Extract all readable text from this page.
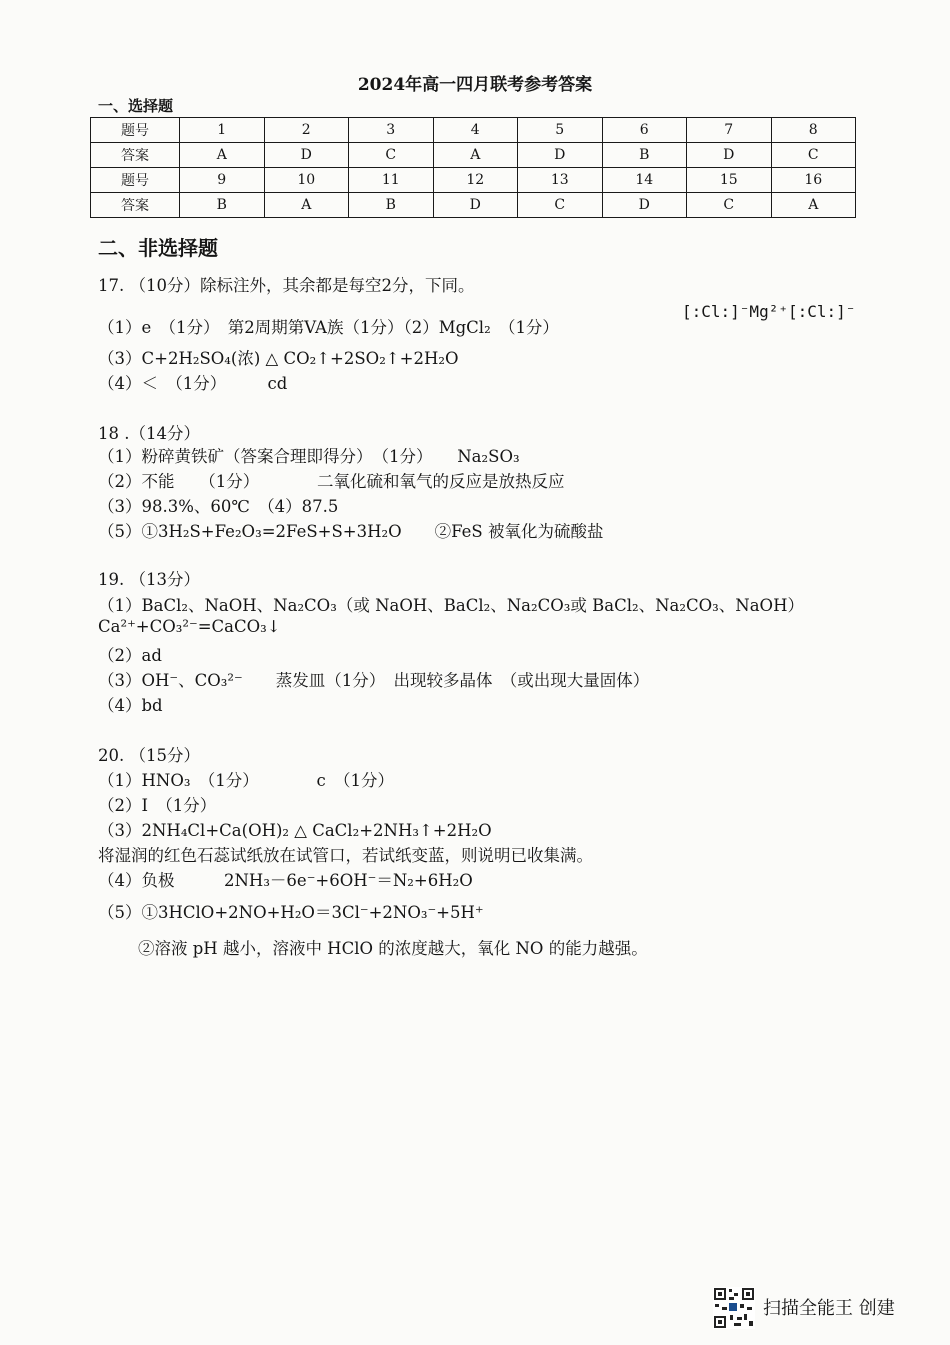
2024年高一四月联考参考答案
一、选择题
题号	1	2	3	4	5	6	7	8
答案	A	D	C	A	D	B	D	C
题号	9	10	11	12	13	14	15	16
答案	B	A	B	D	C	D	C	A
二、非选择题
17. （10分）除标注外，其余都是每空2分，下同。
（1）e　（1分）　第2周期第VA族（1分）（2）MgCl₂　（1分）
[:Cl:]⁻Mg²⁺[:Cl:]⁻
（3）C+2H₂SO₄(浓) △ CO₂↑+2SO₂↑+2H₂O
（4）＜　（1分）　　　cd
18 .（14分）
（1）粉碎黄铁矿（答案合理即得分）　（1分）　　Na₂SO₃
（2）不能　　（1分）　　　　二氧化硫和氧气的反应是放热反应
（3）98.3%、60℃　（4）87.5
（5）①3H₂S+Fe₂O₃=2FeS+S+3H₂O　　②FeS 被氧化为硫酸盐
19. （13分）
（1）BaCl₂、NaOH、Na₂CO₃（或 NaOH、BaCl₂、Na₂CO₃或 BaCl₂、Na₂CO₃、NaOH）
Ca²⁺+CO₃²⁻=CaCO₃↓
（2）ad
（3）OH⁻、CO₃²⁻　　蒸发皿（1分）　出现较多晶体　（或出现大量固体）
（4）bd
20. （15分）
（1）HNO₃　（1分）　　　　c　（1分）
（2）I　（1分）
（3）2NH₄Cl+Ca(OH)₂ △ CaCl₂+2NH₃↑+2H₂O
将湿润的红色石蕊试纸放在试管口，若试纸变蓝，则说明已收集满。
（4）负极　　　2NH₃－6e⁻+6OH⁻＝N₂+6H₂O
（5）①3HClO+2NO+H₂O＝3Cl⁻+2NO₃⁻+5H⁺
②溶液 pH 越小，溶液中 HClO 的浓度越大，氧化 NO 的能力越强。
扫描全能王 创建
